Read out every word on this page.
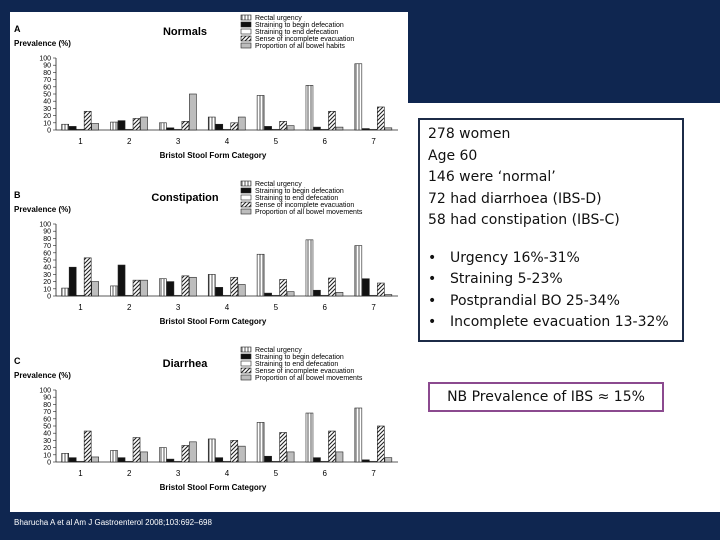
A
Prevalence (%)
Normals
Rectal urgency
Straining to begin defecation
Straining to end defecation
Sense of incomplete evacuation
Proportion of all bowel habits
0
10
20
30
40
50
60
70
80
90
100
1	2	3	4	5	6	7
Bristol Stool Form Category
B
Prevalence (%)
Constipation
Rectal urgency
Straining to begin defecation
Straining to end defecation
Sense of incomplete evacuation
Proportion of all bowel movements
0
10
20
30
40
50
60
70
80
90
100
1	2	3	4	5	6	7
Bristol Stool Form Category
C
Prevalence (%)
Diarrhea
Rectal urgency
Straining to begin defecation
Straining to end defecation
Sense of incomplete evacuation
Proportion of all bowel movements
0
10
20
30
40
50
60
70
80
90
100
1	2	3	4	5	6	7
Bristol Stool Form Category
278 women
Age 60
146 were ‘normal’
72 had diarrhoea (IBS-D)
58 had constipation (IBS-C)
• Urgency 16%-31%
• Straining 5-23%
• Postprandial BO 25-34%
• Incomplete evacuation 13-32%
NB Prevalence of IBS ≈ 15%
Bharucha A et al Am J Gastroenterol 2008;103:692–698
